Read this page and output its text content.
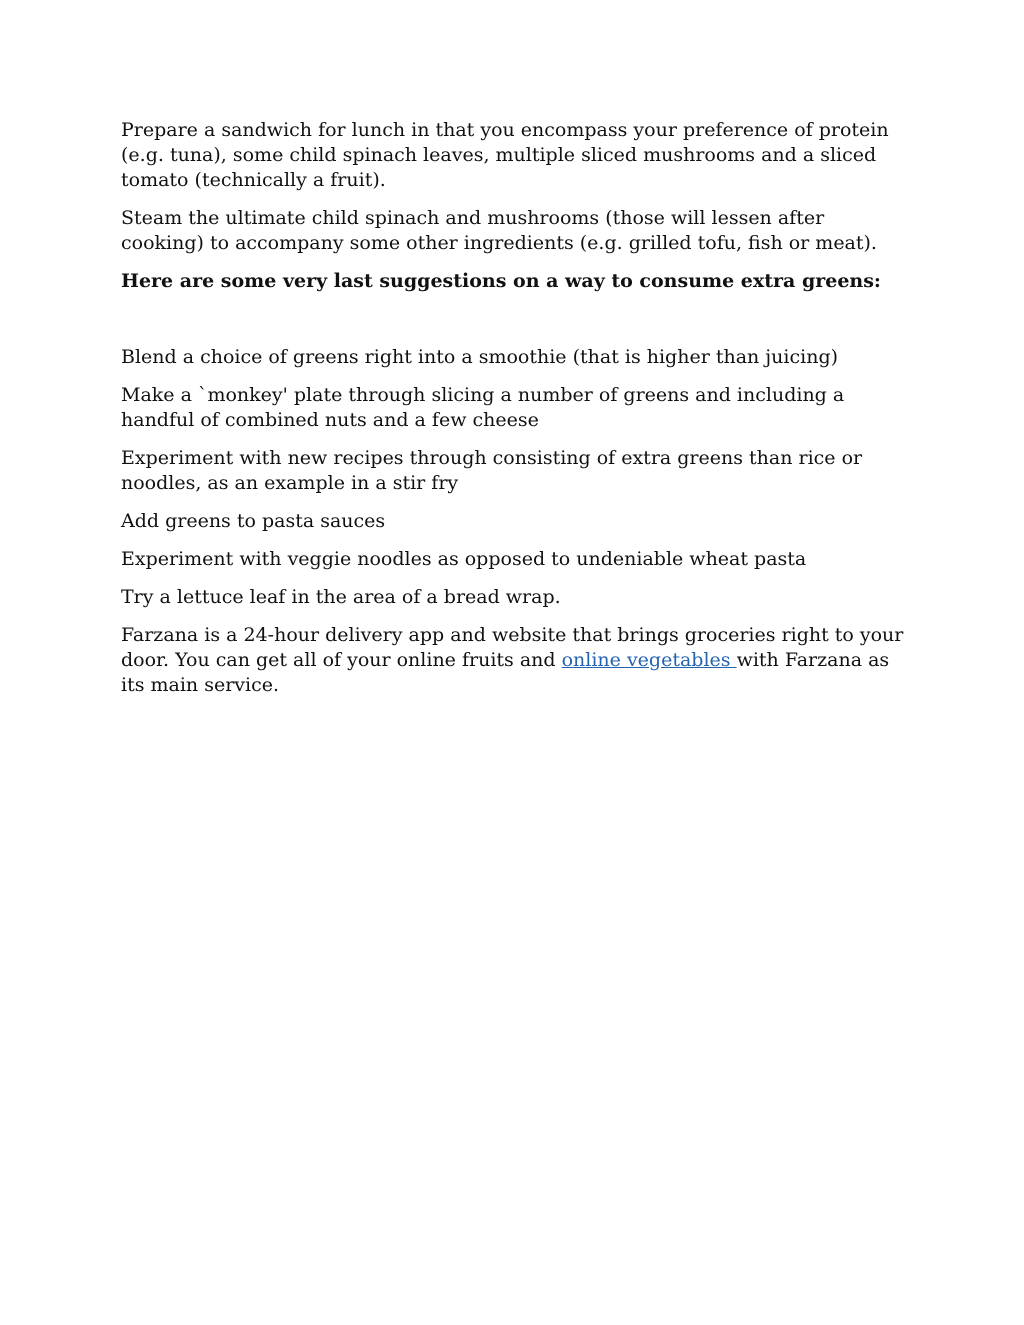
Prepare a sandwich for lunch in that you encompass your preference of protein (e.g. tuna), some child spinach leaves, multiple sliced mushrooms and a sliced tomato (technically a fruit).

Steam the ultimate child spinach and mushrooms (those will lessen after cooking) to accompany some other ingredients (e.g. grilled tofu, fish or meat).

Here are some very last suggestions on a way to consume extra greens:

Blend a choice of greens right into a smoothie (that is higher than juicing)

Make a `monkey' plate through slicing a number of greens and including a handful of combined nuts and a few cheese

Experiment with new recipes through consisting of extra greens than rice or noodles, as an example in a stir fry

Add greens to pasta sauces

Experiment with veggie noodles as opposed to undeniable wheat pasta

Try a lettuce leaf in the area of a bread wrap.

Farzana is a 24-hour delivery app and website that brings groceries right to your door. You can get all of your online fruits and online vegetables with Farzana as its main service.
